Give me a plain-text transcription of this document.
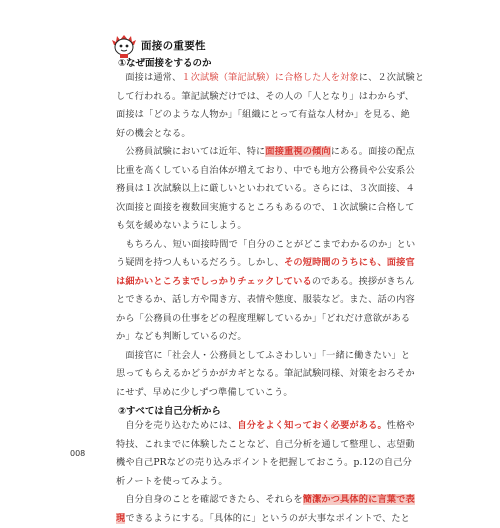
面接の重要性
①なぜ面接をするのか
　面接は通常、１次試験（筆記試験）に合格した人を対象に、２次試験と
して行われる。筆記試験だけでは、その人の「人となり」はわからず、
面接は「どのような人物か」「組織にとって有益な人材か」を見る、絶
好の機会となる。
　公務員試験においては近年、特に面接重視の傾向にある。面接の配点
比重を高くしている自治体が増えており、中でも地方公務員や公安系公
務員は１次試験以上に厳しいといわれている。さらには、３次面接、４
次面接と面接を複数回実施するところもあるので、１次試験に合格して
も気を緩めないようにしよう。
　もちろん、短い面接時間で「自分のことがどこまでわかるのか」とい
う疑問を持つ人もいるだろう。しかし、その短時間のうちにも、面接官
は細かいところまでしっかりチェックしているのである。挨拶がきちん
とできるか、話し方や聞き方、表情や態度、服装など。また、話の内容
から「公務員の仕事をどの程度理解しているか」「どれだけ意欲がある
か」なども判断しているのだ。
　面接官に「社会人・公務員としてふさわしい」「一緒に働きたい」と
思ってもらえるかどうかがカギとなる。筆記試験同様、対策をおろそか
にせず、早めに少しずつ準備していこう。
②すべては自己分析から
　自分を売り込むためには、自分をよく知っておく必要がある。性格や
特技、これまでに体験したことなど、自己分析を通して整理し、志望動
機や自己PRなどの売り込みポイントを把握しておこう。p.12の自己分
析ノートを使ってみよう。
　自分自身のことを確認できたら、それらを簡潔かつ具体的に言葉で表
現できるようにする。「具体的に」というのが大事なポイントで、たと
008
